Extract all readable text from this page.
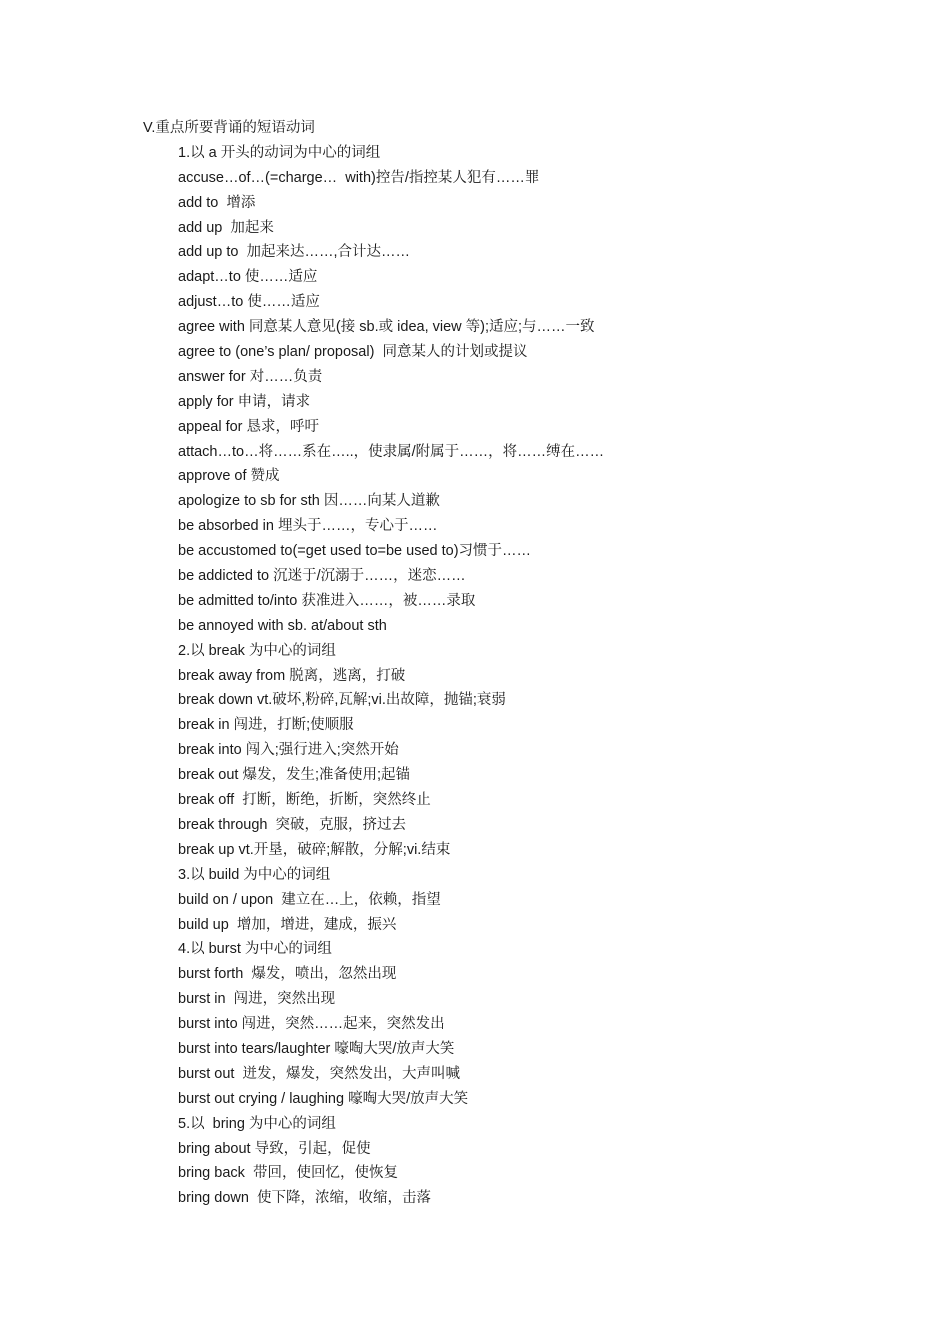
V.重点所要背诵的短语动词
1.以 a 开头的动词为中心的词组
accuse…of…(=charge…  with)控告/指控某人犯有……罪
add to  增添
add up  加起来
add up to  加起来达……,合计达……
adapt…to 使……适应
adjust…to 使……适应
agree with 同意某人意见(接 sb.或 idea, view 等);适应;与……一致
agree to (one’s plan/ proposal)  同意某人的计划或提议
answer for 对……负责
apply for 申请，请求
appeal for 恳求，呼吁
attach…to…将……系在…..，使隶属/附属于……，将……缚在……
approve of 赞成
apologize to sb for sth 因……向某人道歉
be absorbed in 埋头于……，专心于……
be accustomed to(=get used to=be used to)习惯于……
be addicted to 沉迷于/沉溺于……，迷恋……
be admitted to/into 获准进入……，被……录取
be annoyed with sb. at/about sth
2.以 break 为中心的词组
break away from 脱离，逃离，打破
break down vt.破坏,粉碎,瓦解;vi.出故障，抛锚;衰弱
break in 闯进，打断;使顺服
break into 闯入;强行进入;突然开始
break out 爆发，发生;准备使用;起锚
break off  打断，断绝，折断，突然终止
break through  突破，克服，挤过去
break up vt.开垦，破碎;解散，分解;vi.结束
3.以 build 为中心的词组
build on / upon  建立在…上，依赖，指望
build up  增加，增进，建成，振兴
4.以 burst 为中心的词组
burst forth  爆发，喷出，忽然出现
burst in  闯进，突然出现
burst into 闯进，突然……起来，突然发出
burst into tears/laughter 嚎啕大哭/放声大笑
burst out  迸发，爆发，突然发出，大声叫喊
burst out crying / laughing 嚎啕大哭/放声大笑
5.以  bring 为中心的词组
bring about 导致，引起，促使
bring back  带回，使回忆，使恢复
bring down  使下降，浓缩，收缩，击落
